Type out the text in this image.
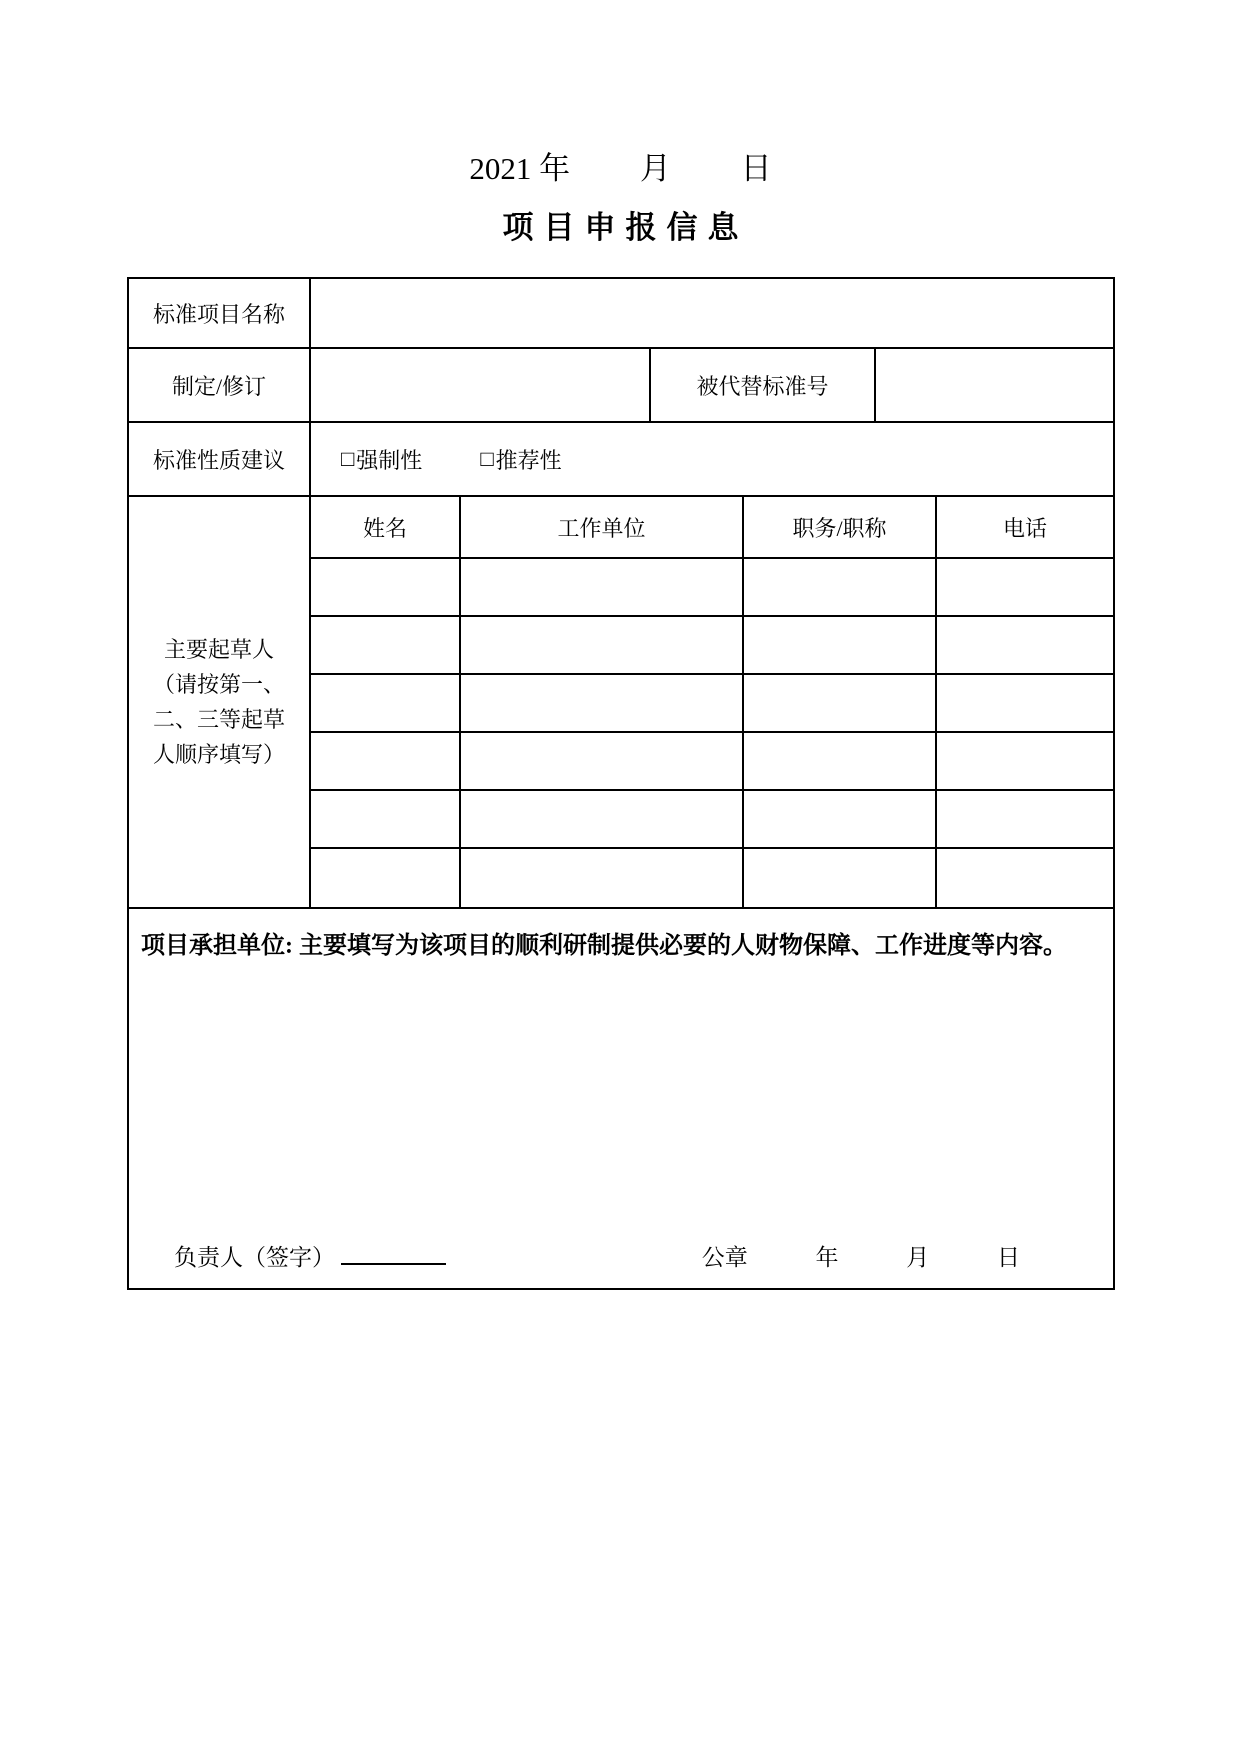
2021 年 月 日
项目申报信息
标准项目名称
制定/修订	被代替标准号
标准性质建议	□ 强制性	□ 推荐性
主要起草人
（请按第一、
二、三等起草
人顺序填写）
姓名	工作单位	职务/职称	电话
项目承担单位: 主要填写为该项目的顺利研制提供必要的人财物保障、工作进度等内容。
负责人（签字）	公章	年	月	日
